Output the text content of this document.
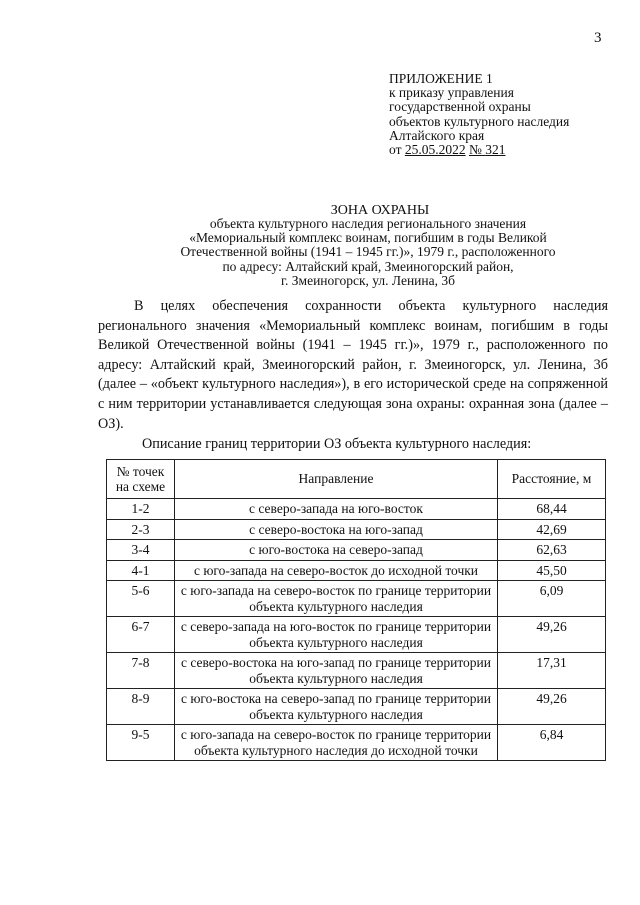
3
ПРИЛОЖЕНИЕ 1
к приказу управления
государственной охраны
объектов культурного наследия
Алтайского края
от 25.05.2022 № 321
ЗОНА ОХРАНЫ
объекта культурного наследия регионального значения
«Мемориальный комплекс воинам, погибшим в годы Великой
Отечественной войны (1941 – 1945 гг.)», 1979 г., расположенного
по адресу: Алтайский край, Змеиногорский район,
г. Змеиногорск, ул. Ленина, 3б

В целях обеспечения сохранности объекта культурного наследия регионального значения «Мемориальный комплекс воинам, погибшим в годы Великой Отечественной войны (1941 – 1945 гг.)», 1979 г., расположенного по адресу: Алтайский край, Змеиногорский район, г. Змеиногорск, ул. Ленина, 3б (далее – «объект культурного наследия»), в его исторической среде на сопряженной с ним территории устанавливается следующая зона охраны: охранная зона (далее – ОЗ).

Описание границ территории ОЗ объекта культурного наследия:
№ точек
на схеме	Направление	Расстояние, м
1-2	с северо-запада на юго-восток	68,44
2-3	с северо-востока на юго-запад	42,69
3-4	с юго-востока на северо-запад	62,63
4-1	с юго-запада на северо-восток до исходной точки	45,50
5-6	с юго-запада на северо-восток по границе территории объекта культурного наследия	6,09
6-7	с северо-запада на юго-восток по границе территории объекта культурного наследия	49,26
7-8	с северо-востока на юго-запад по границе территории объекта культурного наследия	17,31
8-9	с юго-востока на северо-запад по границе территории объекта культурного наследия	49,26
9-5	с юго-запада на северо-восток по границе территории объекта культурного наследия до исходной точки	6,84
